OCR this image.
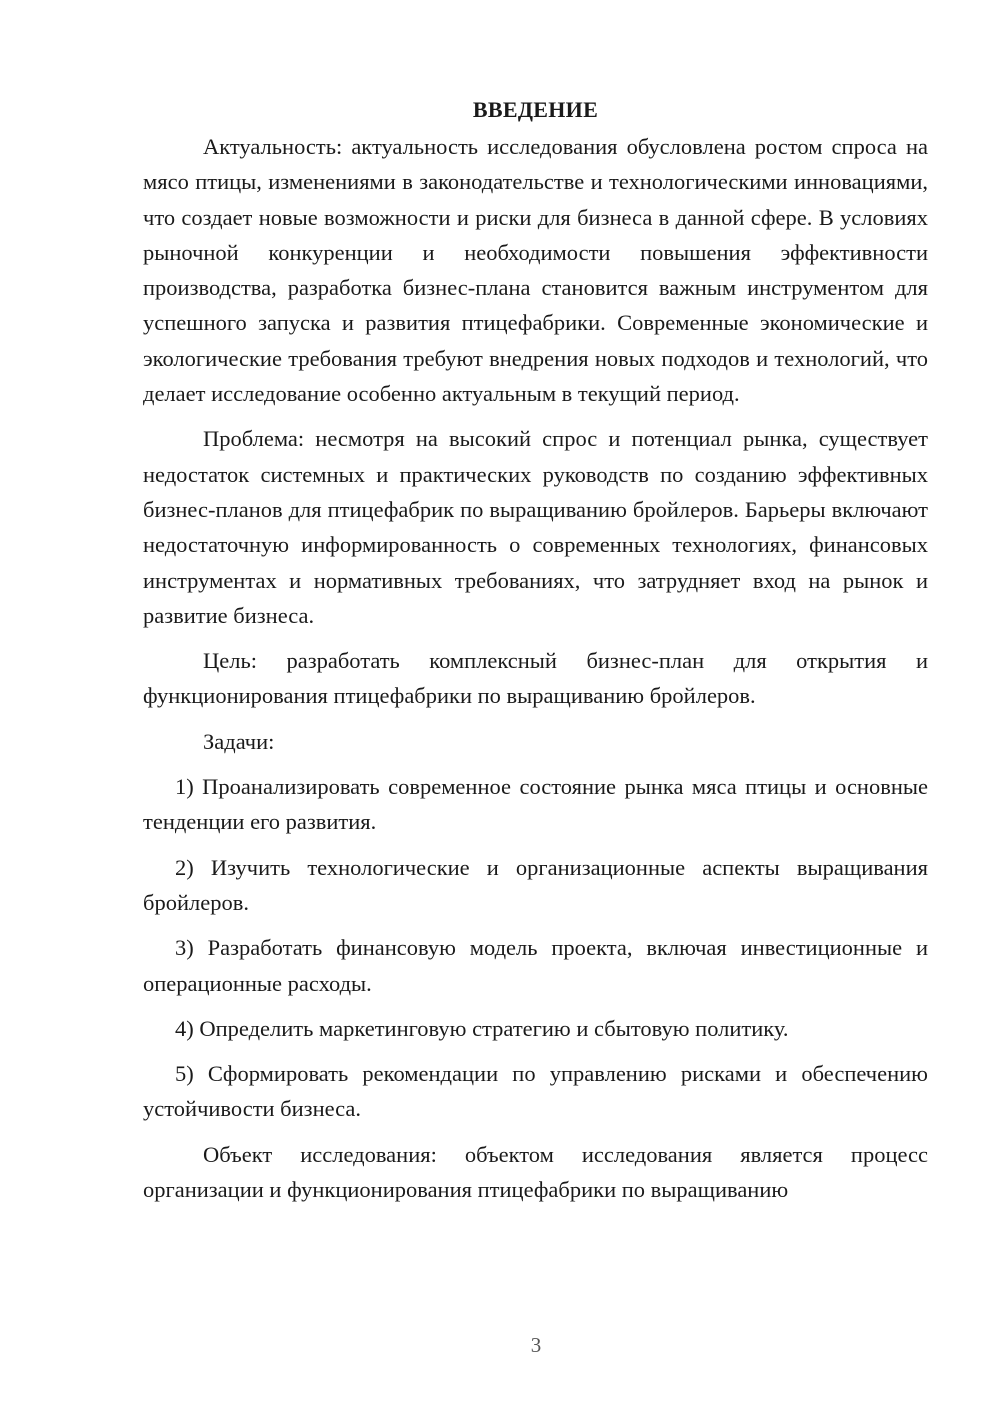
ВВЕДЕНИЕ

Актуальность: актуальность исследования обусловлена ростом спроса на мясо птицы, изменениями в законодательстве и технологическими инновациями, что создает новые возможности и риски для бизнеса в данной сфере. В условиях рыночной конкуренции и необходимости повышения эффективности производства, разработка бизнес-плана становится важным инструментом для успешного запуска и развития птицефабрики. Современные экономические и экологические требования требуют внедрения новых подходов и технологий, что делает исследование особенно актуальным в текущий период.

Проблема: несмотря на высокий спрос и потенциал рынка, существует недостаток системных и практических руководств по созданию эффективных бизнес-планов для птицефабрик по выращиванию бройлеров. Барьеры включают недостаточную информированность о современных технологиях, финансовых инструментах и нормативных требованиях, что затрудняет вход на рынок и развитие бизнеса.

Цель: разработать комплексный бизнес-план для открытия и функционирования птицефабрики по выращиванию бройлеров.

Задачи:

1) Проанализировать современное состояние рынка мяса птицы и основные тенденции его развития.

2) Изучить технологические и организационные аспекты выращивания бройлеров.

3) Разработать финансовую модель проекта, включая инвестиционные и операционные расходы.

4) Определить маркетинговую стратегию и сбытовую политику.

5) Сформировать рекомендации по управлению рисками и обеспечению устойчивости бизнеса.

Объект исследования: объектом исследования является процесс организации и функционирования птицефабрики по выращиванию

3
